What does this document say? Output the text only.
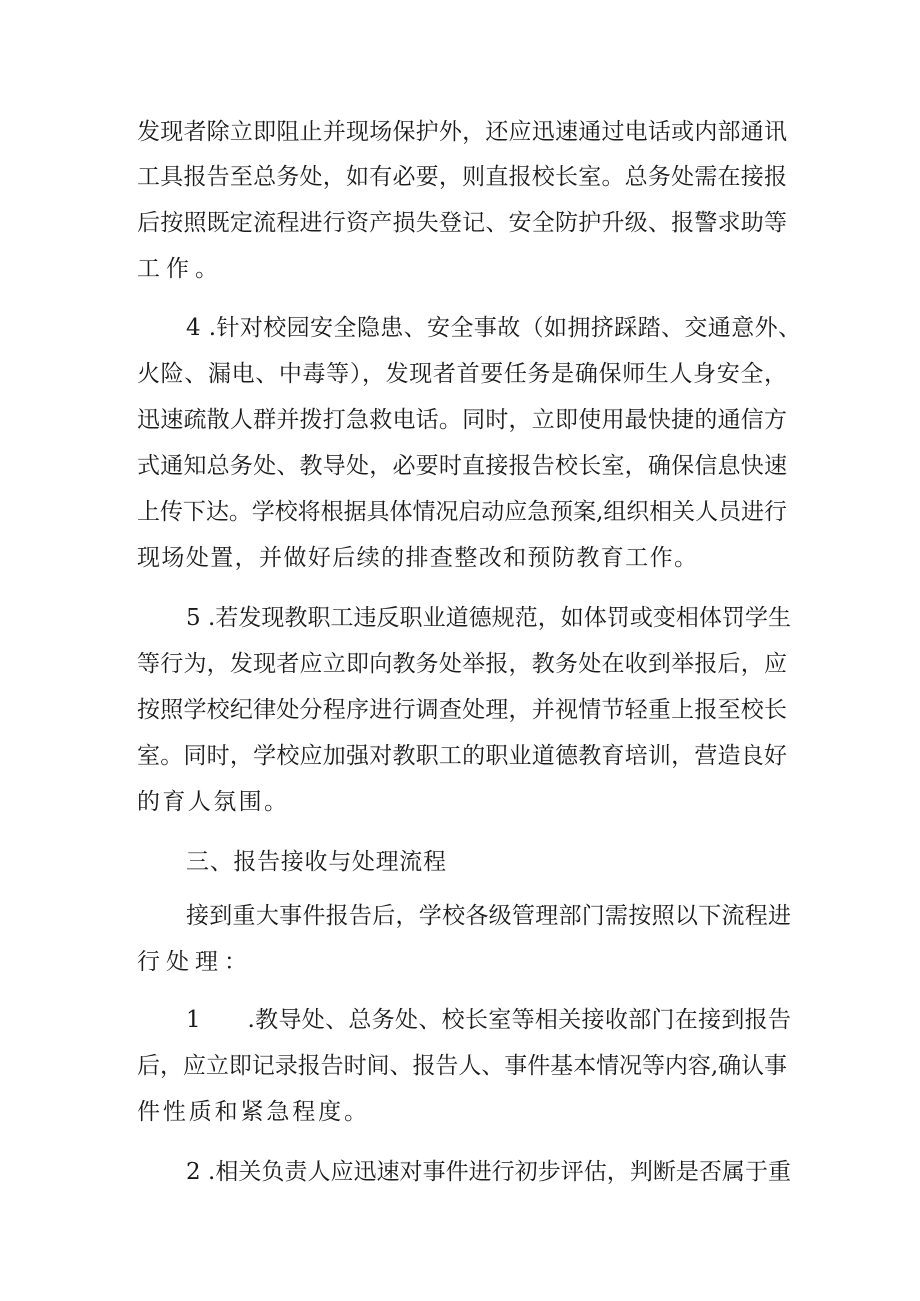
发现者除立即阻止并现场保护外，还应迅速通过电话或内部通讯
工具报告至总务处，如有必要，则直报校长室。总务处需在接报
后按照既定流程进行资产损失登记、安全防护升级、报警求助等
工作。
4 .针对校园安全隐患、安全事故（如拥挤踩踏、交通意外、
火险、漏电、中毒等），发现者首要任务是确保师生人身安全，
迅速疏散人群并拨打急救电话。同时，立即使用最快捷的通信方
式通知总务处、教导处，必要时直接报告校长室，确保信息快速
上传下达。学校将根据具体情况启动应急预案,组织相关人员进行
现场处置，并做好后续的排查整改和预防教育工作。
5 .若发现教职工违反职业道德规范，如体罚或变相体罚学生
等行为，发现者应立即向教务处举报，教务处在收到举报后，应
按照学校纪律处分程序进行调查处理，并视情节轻重上报至校长
室。同时，学校应加强对教职工的职业道德教育培训，营造良好
的育人氛围。
三、报告接收与处理流程
接到重大事件报告后，学校各级管理部门需按照以下流程进
行处理：
1　　.教导处、总务处、校长室等相关接收部门在接到报告
后，应立即记录报告时间、报告人、事件基本情况等内容,确认事
件性质和紧急程度。
2 .相关负责人应迅速对事件进行初步评估，判断是否属于重
